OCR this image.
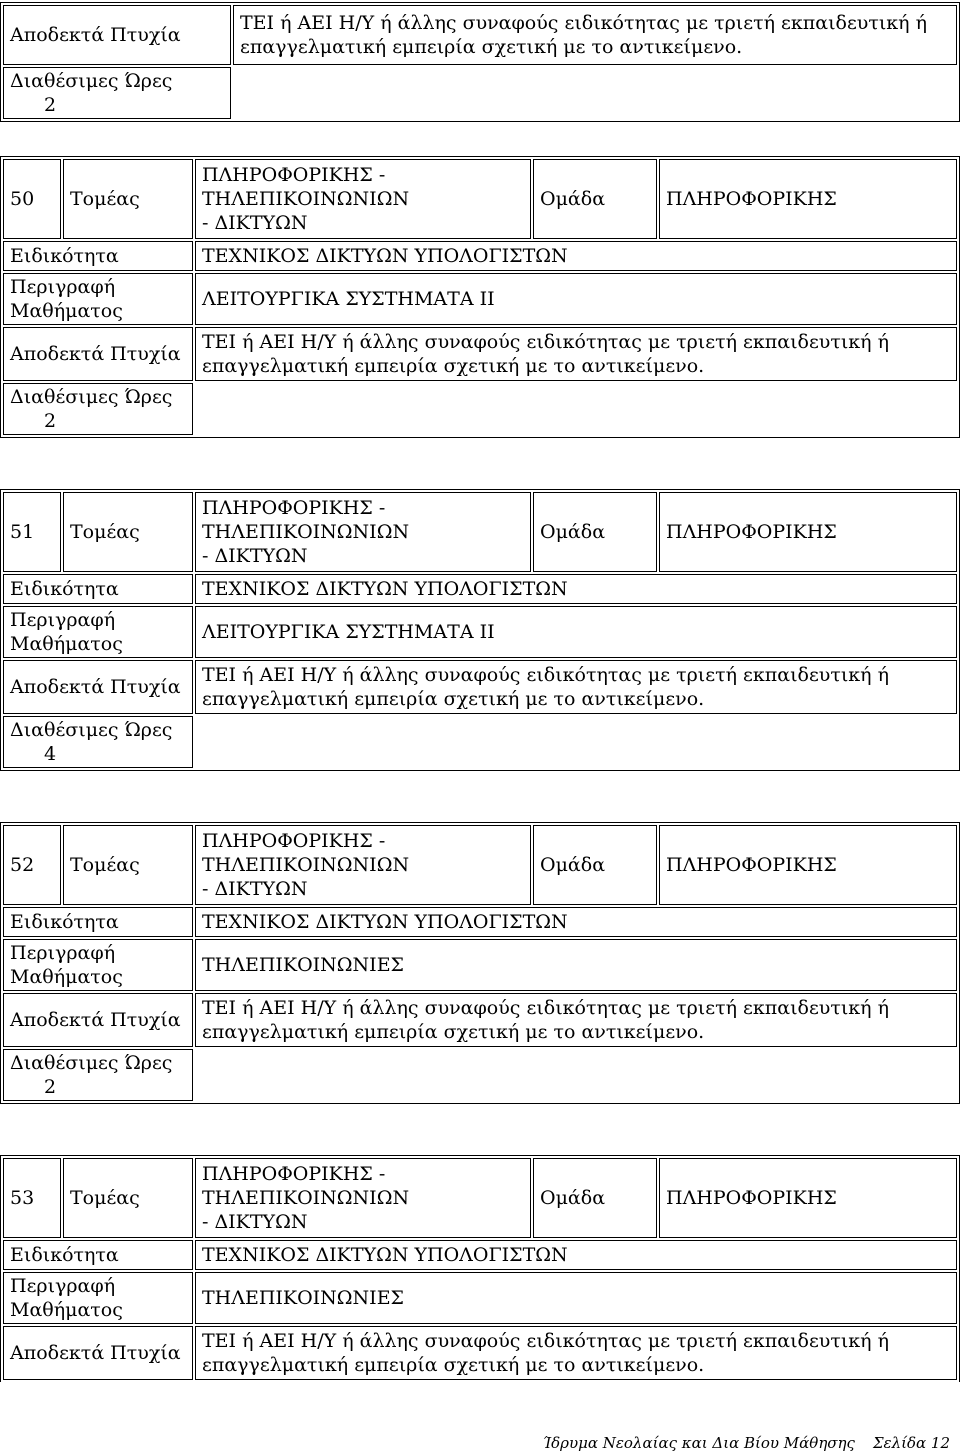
Αποδεκτά Πτυχία	ΤΕΙ ή ΑΕΙ Η/Υ ή άλλης συναφούς ειδικότητας με τριετή εκπαιδευτική ή επαγγελματική εμπειρία σχετική με το αντικείμενο.
Διαθέσιμες Ώρες 2	
50	Τομέας	ΠΛΗΡΟΦΟΡΙΚΗΣ - ΤΗΛΕΠΙΚΟΙΝΩΝΙΩΝ - ΔΙΚΤΥΩΝ	Ομάδα	ΠΛΗΡΟΦΟΡΙΚΗΣ
Ειδικότητα		ΤΕΧΝΙΚΟΣ ΔΙΚΤΥΩΝ ΥΠΟΛΟΓΙΣΤΩΝ		
Περιγραφή Μαθήματος		ΛΕΙΤΟΥΡΓΙΚΑ ΣΥΣΤΗΜΑΤΑ ΙΙ		
Αποδεκτά Πτυχία		ΤΕΙ ή ΑΕΙ Η/Υ ή άλλης συναφούς ειδικότητας με τριετή εκπαιδευτική ή επαγγελματική εμπειρία σχετική με το αντικείμενο.		
Διαθέσιμες Ώρες 2				
51	Τομέας	ΠΛΗΡΟΦΟΡΙΚΗΣ - ΤΗΛΕΠΙΚΟΙΝΩΝΙΩΝ - ΔΙΚΤΥΩΝ	Ομάδα	ΠΛΗΡΟΦΟΡΙΚΗΣ
Ειδικότητα		ΤΕΧΝΙΚΟΣ ΔΙΚΤΥΩΝ ΥΠΟΛΟΓΙΣΤΩΝ		
Περιγραφή Μαθήματος		ΛΕΙΤΟΥΡΓΙΚΑ ΣΥΣΤΗΜΑΤΑ ΙΙ		
Αποδεκτά Πτυχία		ΤΕΙ ή ΑΕΙ Η/Υ ή άλλης συναφούς ειδικότητας με τριετή εκπαιδευτική ή επαγγελματική εμπειρία σχετική με το αντικείμενο.		
Διαθέσιμες Ώρες 4				
52	Τομέας	ΠΛΗΡΟΦΟΡΙΚΗΣ - ΤΗΛΕΠΙΚΟΙΝΩΝΙΩΝ - ΔΙΚΤΥΩΝ	Ομάδα	ΠΛΗΡΟΦΟΡΙΚΗΣ
Ειδικότητα		ΤΕΧΝΙΚΟΣ ΔΙΚΤΥΩΝ ΥΠΟΛΟΓΙΣΤΩΝ		
Περιγραφή Μαθήματος		ΤΗΛΕΠΙΚΟΙΝΩΝΙΕΣ		
Αποδεκτά Πτυχία		ΤΕΙ ή ΑΕΙ Η/Υ ή άλλης συναφούς ειδικότητας με τριετή εκπαιδευτική ή επαγγελματική εμπειρία σχετική με το αντικείμενο.		
Διαθέσιμες Ώρες 2				
53	Τομέας	ΠΛΗΡΟΦΟΡΙΚΗΣ - ΤΗΛΕΠΙΚΟΙΝΩΝΙΩΝ - ΔΙΚΤΥΩΝ	Ομάδα	ΠΛΗΡΟΦΟΡΙΚΗΣ
Ειδικότητα		ΤΕΧΝΙΚΟΣ ΔΙΚΤΥΩΝ ΥΠΟΛΟΓΙΣΤΩΝ		
Περιγραφή Μαθήματος		ΤΗΛΕΠΙΚΟΙΝΩΝΙΕΣ		
Αποδεκτά Πτυχία		ΤΕΙ ή ΑΕΙ Η/Υ ή άλλης συναφούς ειδικότητας με τριετή εκπαιδευτική ή επαγγελματική εμπειρία σχετική με το αντικείμενο.		
Ίδρυμα Νεολαίας και Δια Βίου Μάθησης Σελίδα 12
